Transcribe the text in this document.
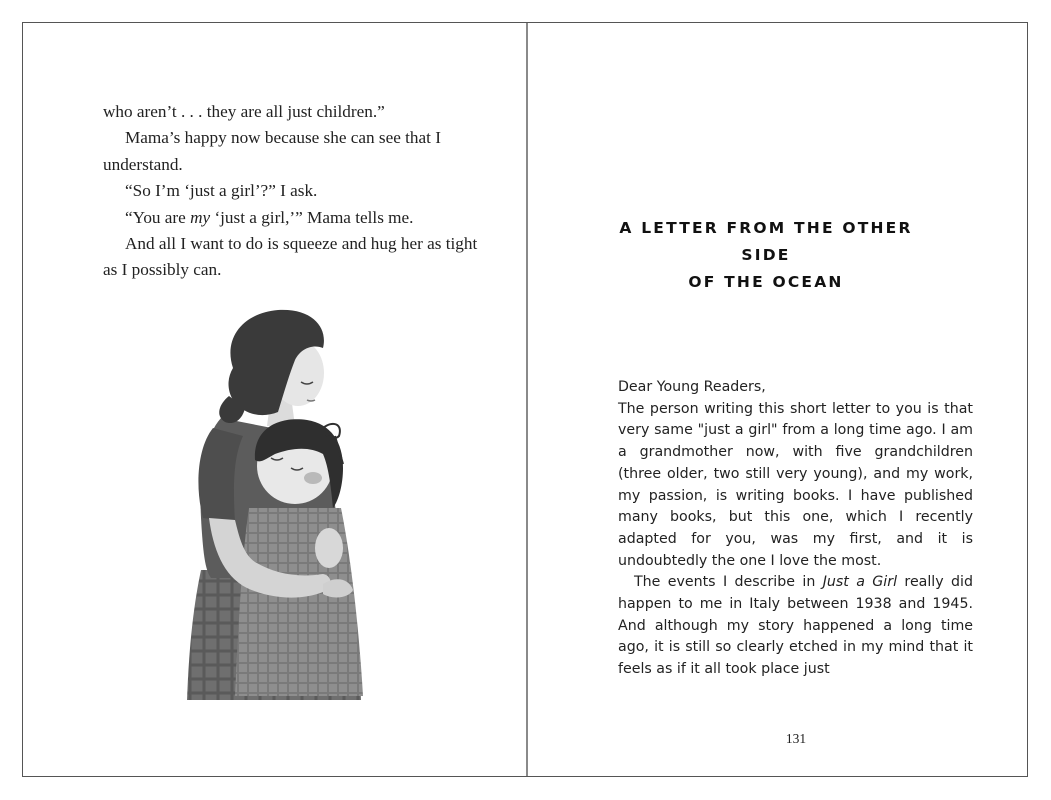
who aren’t . . . they are all just children.”

Mama’s happy now because she can see that I understand.

“So I’m ‘just a girl’?” I ask.

“You are my ‘just a girl,’” Mama tells me.

And all I want to do is squeeze and hug her as tight as I possibly can.

A LETTER FROM THE OTHER SIDE
OF THE OCEAN

Dear Young Readers,

The person writing this short letter to you is that very same "just a girl" from a long time ago. I am a grandmother now, with five grandchildren (three older, two still very young), and my work, my passion, is writing books. I have published many books, but this one, which I recently adapted for you, was my first, and it is undoubtedly the one I love the most.

The events I describe in Just a Girl really did happen to me in Italy between 1938 and 1945. And although my story happened a long time ago, it is still so clearly etched in my mind that it feels as if it all took place just

131
